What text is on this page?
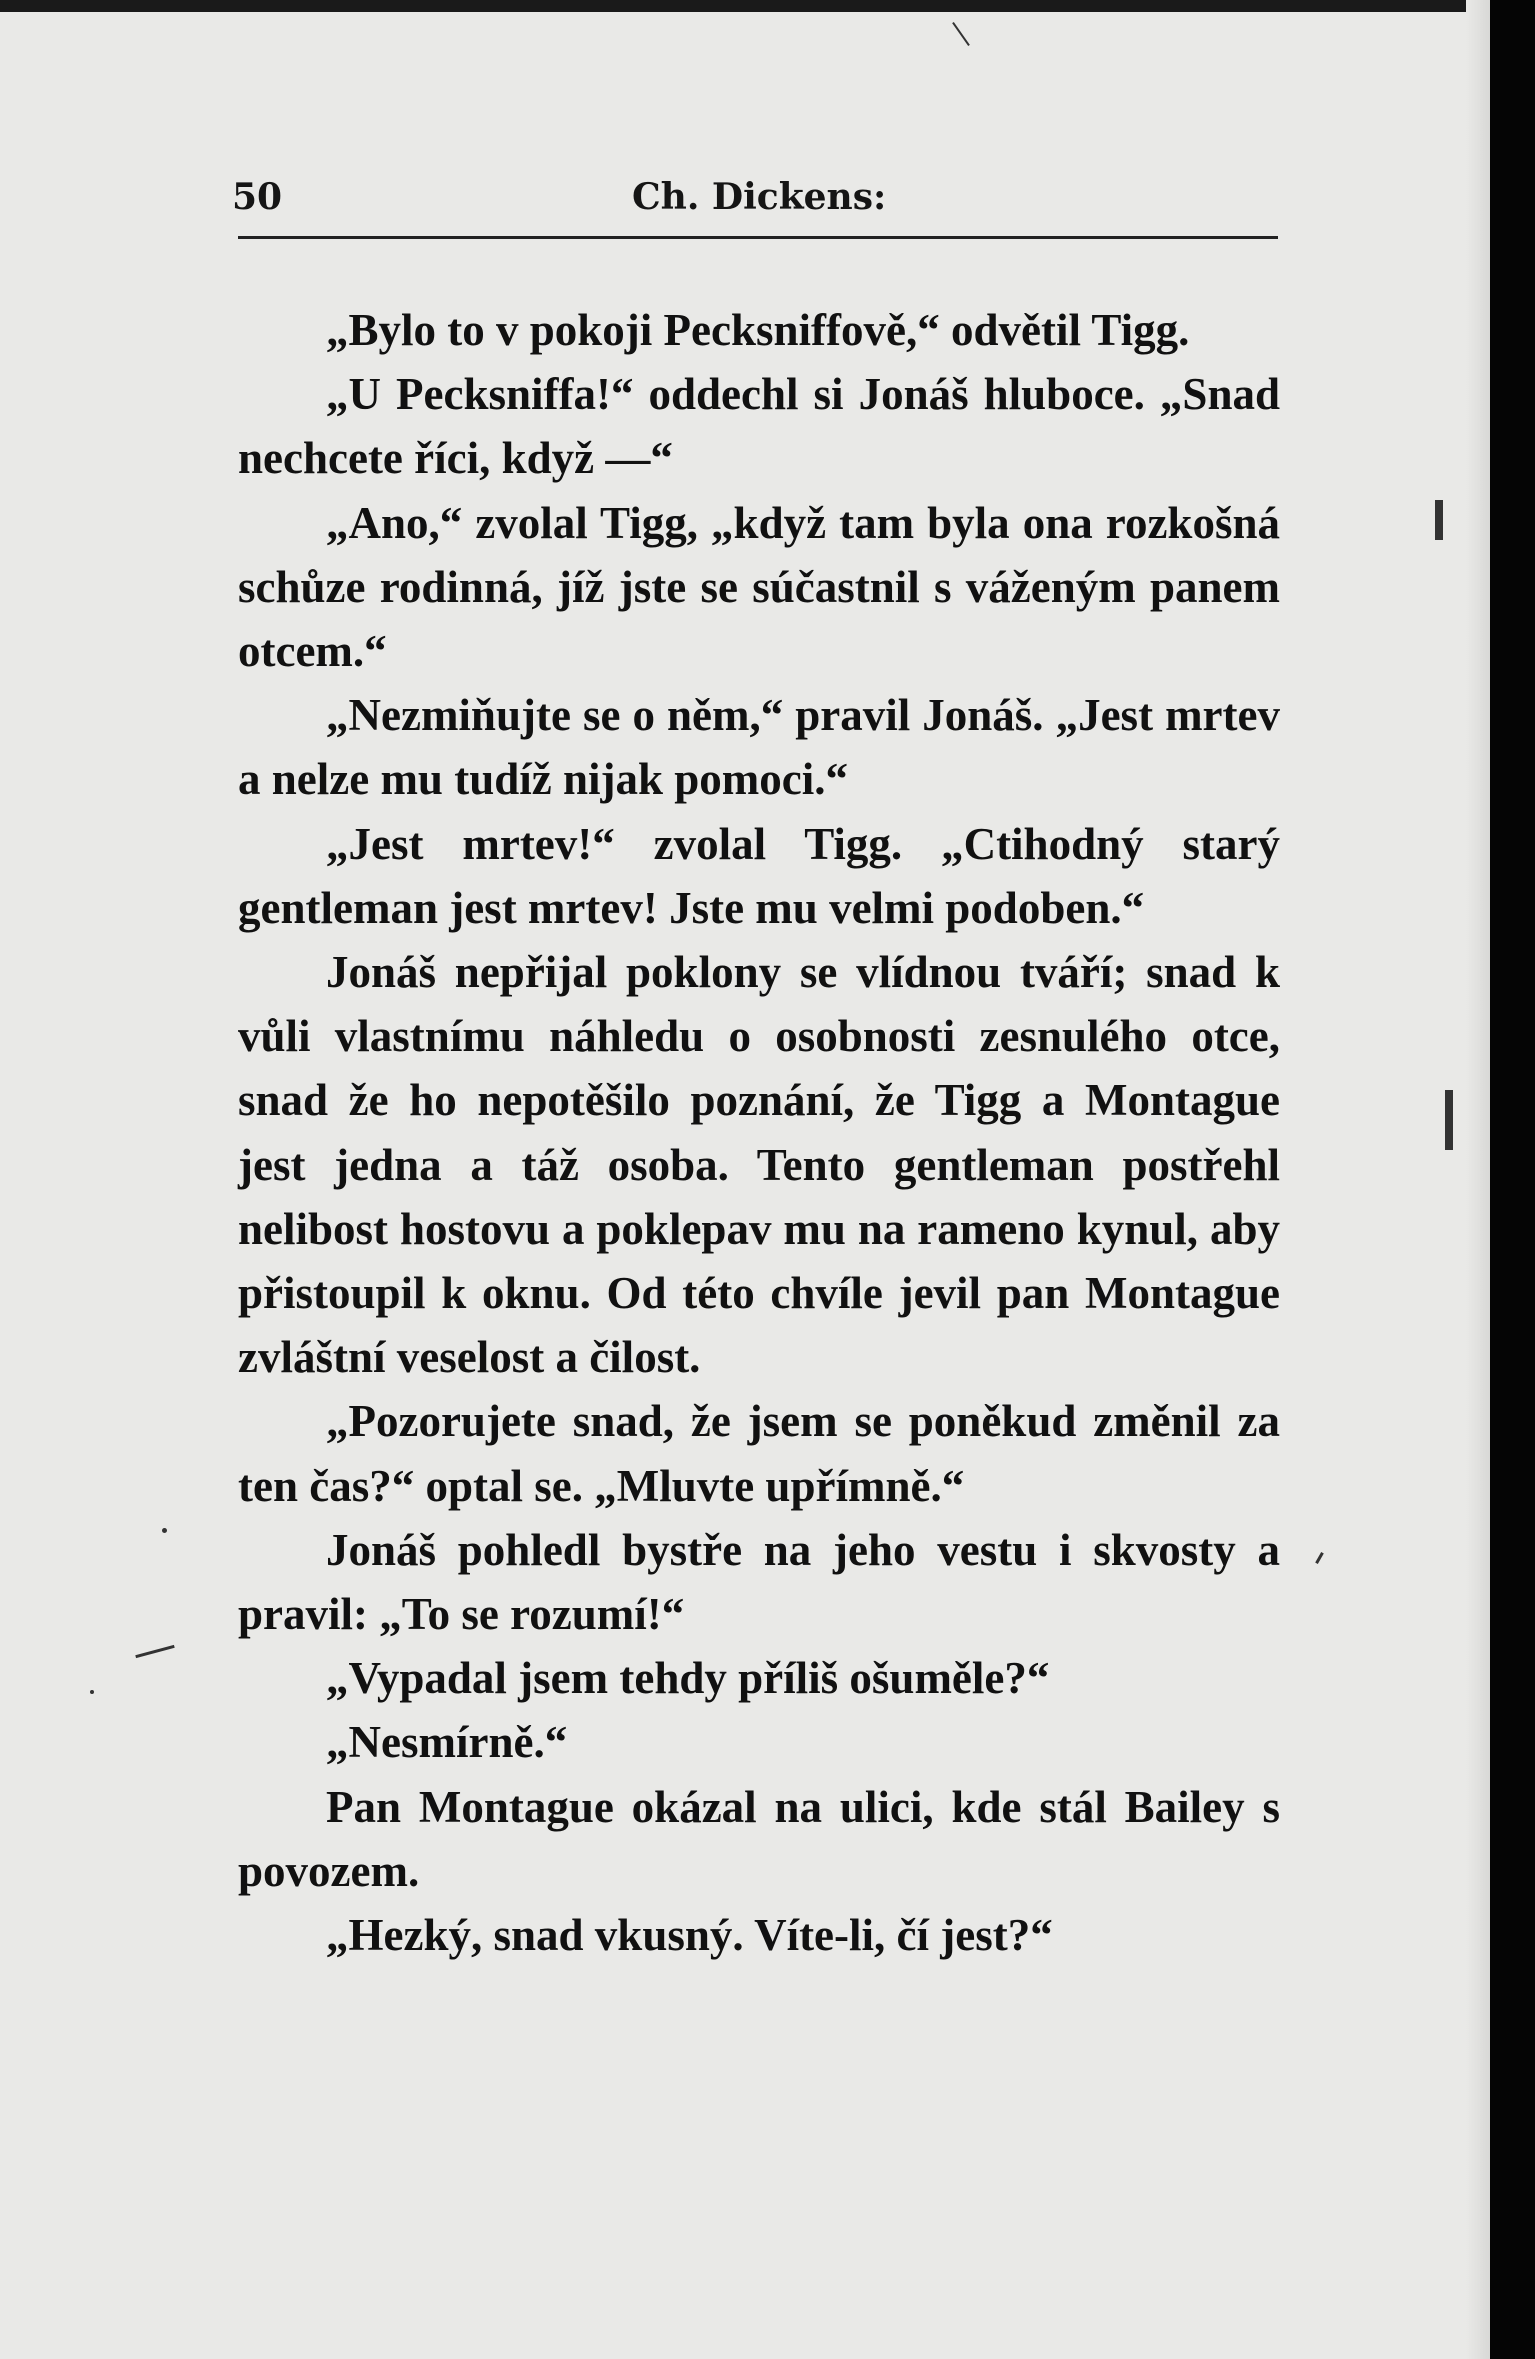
50	Ch. Dickens:

„Bylo to v pokoji Pecksniffově,“ odvětil Tigg.

„U Pecksniffa!“ oddechl si Jonáš hluboce. „Snad nechcete říci, když —“

„Ano,“ zvolal Tigg, „když tam byla ona rozkošná schůze rodinná, jíž jste se súčastnil s váženým panem otcem.“

„Nezmiňujte se o něm,“ pravil Jonáš. „Jest mrtev a nelze mu tudíž nijak pomoci.“

„Jest mrtev!“ zvolal Tigg. „Ctihodný starý gentleman jest mrtev! Jste mu velmi podoben.“

Jonáš nepřijal poklony se vlídnou tváří; snad k vůli vlastnímu náhledu o osobnosti zesnulého otce, snad že ho nepotěšilo poznání, že Tigg a Montague jest jedna a táž osoba. Tento gentleman postřehl nelibost hostovu a poklepav mu na rameno kynul, aby přistoupil k oknu. Od této chvíle jevil pan Montague zvláštní veselost a čilost.

„Pozorujete snad, že jsem se poněkud změnil za ten čas?“ optal se. „Mluvte upřímně.“

Jonáš pohledl bystře na jeho vestu i skvosty a pravil: „To se rozumí!“

„Vypadal jsem tehdy příliš ošuměle?“

„Nesmírně.“

Pan Montague okázal na ulici, kde stál Bailey s povozem.

„Hezký, snad vkusný. Víte-li, čí jest?“
